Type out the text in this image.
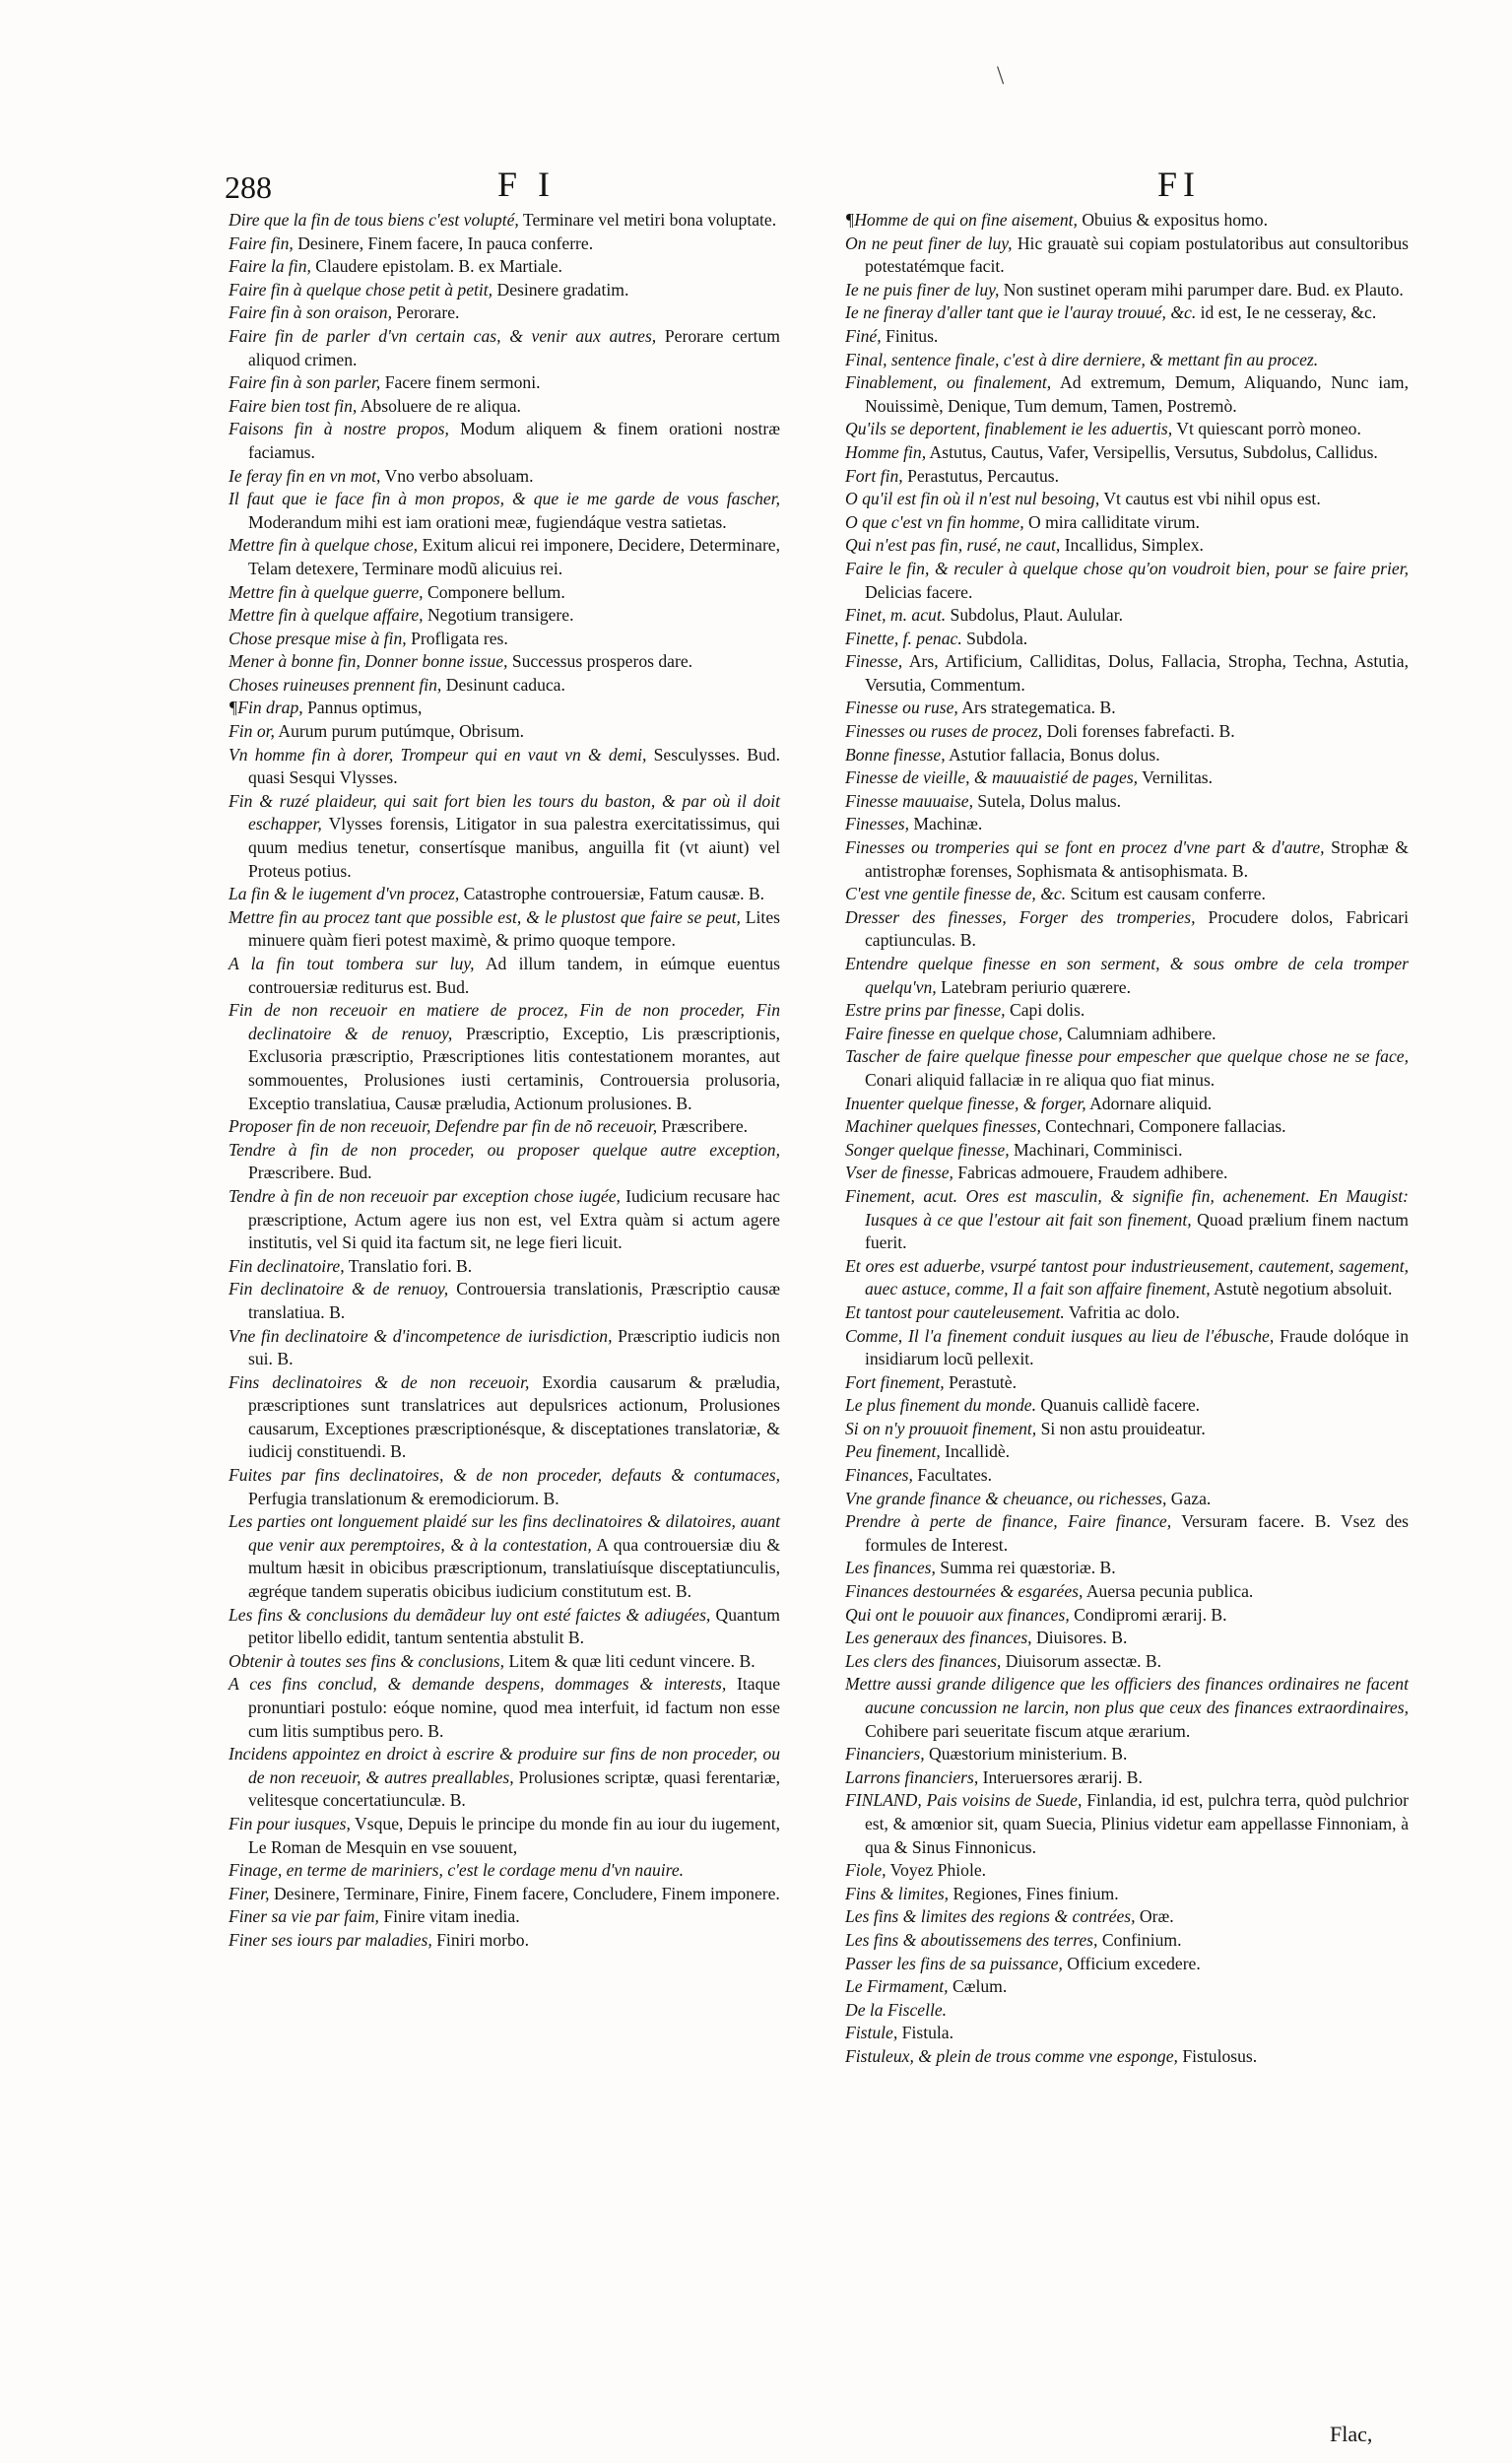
\
288	F I	FI

Dire que la fin de tous biens c'est volupté, Terminare vel metiri bona voluptate.

Faire fin, Desinere, Finem facere, In pauca conferre.

Faire la fin, Claudere epistolam. B. ex Martiale.

Faire fin à quelque chose petit à petit, Desinere gradatim.

Faire fin à son oraison, Perorare.

Faire fin de parler d'vn certain cas, & venir aux autres, Perorare certum aliquod crimen.

Faire fin à son parler, Facere finem sermoni.

Faire bien tost fin, Absoluere de re aliqua.

Faisons fin à nostre propos, Modum aliquem & finem orationi nostræ faciamus.

Ie feray fin en vn mot, Vno verbo absoluam.

Il faut que ie face fin à mon propos, & que ie me garde de vous fascher, Moderandum mihi est iam orationi meæ, fugiendáque vestra satietas.

Mettre fin à quelque chose, Exitum alicui rei imponere, Decidere, Determinare, Telam detexere, Terminare modũ alicuius rei.

Mettre fin à quelque guerre, Componere bellum.

Mettre fin à quelque affaire, Negotium transigere.

Chose presque mise à fin, Profligata res.

Mener à bonne fin, Donner bonne issue, Successus prosperos dare.

Choses ruineuses prennent fin, Desinunt caduca.

¶Fin drap, Pannus optimus,

Fin or, Aurum purum putúmque, Obrisum.

Vn homme fin à dorer, Trompeur qui en vaut vn & demi, Sesculysses. Bud. quasi Sesqui Vlysses.

Fin & ruzé plaideur, qui sait fort bien les tours du baston, & par où il doit eschapper, Vlysses forensis, Litigator in sua palestra exercitatissimus, qui quum medius tenetur, consertísque manibus, anguilla fit (vt aiunt) vel Proteus potius.

La fin & le iugement d'vn procez, Catastrophe controuersiæ, Fatum causæ. B.

Mettre fin au procez tant que possible est, & le plustost que faire se peut, Lites minuere quàm fieri potest maximè, & primo quoque tempore.

A la fin tout tombera sur luy, Ad illum tandem, in eúmque euentus controuersiæ rediturus est. Bud.

Fin de non receuoir en matiere de procez, Fin de non proceder, Fin declinatoire & de renuoy, Præscriptio, Exceptio, Lis præscriptionis, Exclusoria præscriptio, Præscriptiones litis contestationem morantes, aut sommouentes, Prolusiones iusti certaminis, Controuersia prolusoria, Exceptio translatiua, Causæ præludia, Actionum prolusiones. B.

Proposer fin de non receuoir, Defendre par fin de nõ receuoir, Præscribere.

Tendre à fin de non proceder, ou proposer quelque autre exception, Præscribere. Bud.

Tendre à fin de non receuoir par exception chose iugée, Iudicium recusare hac præscriptione, Actum agere ius non est, vel Extra quàm si actum agere institutis, vel Si quid ita factum sit, ne lege fieri licuit.

Fin declinatoire, Translatio fori. B.

Fin declinatoire & de renuoy, Controuersia translationis, Præscriptio causæ translatiua. B.

Vne fin declinatoire & d'incompetence de iurisdiction, Præscriptio iudicis non sui. B.

Fins declinatoires & de non receuoir, Exordia causarum & præludia, præscriptiones sunt translatrices aut depulsrices actionum, Prolusiones causarum, Exceptiones præscriptionésque, & disceptationes translatoriæ, & iudicij constituendi. B.

Fuites par fins declinatoires, & de non proceder, defauts & contumaces, Perfugia translationum & eremodiciorum. B.

Les parties ont longuement plaidé sur les fins declinatoires & dilatoires, auant que venir aux peremptoires, & à la contestation, A qua controuersiæ diu & multum hæsit in obicibus præscriptionum, translatiuísque disceptatiunculis, ægréque tandem superatis obicibus iudicium constitutum est. B.

Les fins & conclusions du demãdeur luy ont esté faictes & adiugées, Quantum petitor libello edidit, tantum sententia abstulit B.

Obtenir à toutes ses fins & conclusions, Litem & quæ liti cedunt vincere. B.

A ces fins conclud, & demande despens, dommages & interests, Itaque pronuntiari postulo: eóque nomine, quod mea interfuit, id factum non esse cum litis sumptibus pero. B.

Incidens appointez en droict à escrire & produire sur fins de non proceder, ou de non receuoir, & autres preallables, Prolusiones scriptæ, quasi ferentariæ, velitesque concertatiunculæ. B.

Fin pour iusques, Vsque, Depuis le principe du monde fin au iour du iugement, Le Roman de Mesquin en vse souuent,

Finage, en terme de mariniers, c'est le cordage menu d'vn nauire.

Finer, Desinere, Terminare, Finire, Finem facere, Concludere, Finem imponere.

Finer sa vie par faim, Finire vitam inedia.

Finer ses iours par maladies, Finiri morbo.

¶Homme de qui on fine aisement, Obuius & expositus homo.

On ne peut finer de luy, Hic grauatè sui copiam postulatoribus aut consultoribus potestatémque facit.

Ie ne puis finer de luy, Non sustinet operam mihi parumper dare. Bud. ex Plauto.

Ie ne fineray d'aller tant que ie l'auray trouué, &c. id est, Ie ne cesseray, &c.

Finé, Finitus.

Final, sentence finale, c'est à dire derniere, & mettant fin au procez.

Finablement, ou finalement, Ad extremum, Demum, Aliquando, Nunc iam, Nouissimè, Denique, Tum demum, Tamen, Postremò.

Qu'ils se deportent, finablement ie les aduertis, Vt quiescant porrò moneo.

Homme fin, Astutus, Cautus, Vafer, Versipellis, Versutus, Subdolus, Callidus.

Fort fin, Perastutus, Percautus.

O qu'il est fin où il n'est nul besoing, Vt cautus est vbi nihil opus est.

O que c'est vn fin homme, O mira calliditate virum.

Qui n'est pas fin, rusé, ne caut, Incallidus, Simplex.

Faire le fin, & reculer à quelque chose qu'on voudroit bien, pour se faire prier, Delicias facere.

Finet, m. acut. Subdolus, Plaut. Aulular.

Finette, f. penac. Subdola.

Finesse, Ars, Artificium, Calliditas, Dolus, Fallacia, Stropha, Techna, Astutia, Versutia, Commentum.

Finesse ou ruse, Ars strategematica. B.

Finesses ou ruses de procez, Doli forenses fabrefacti. B.

Bonne finesse, Astutior fallacia, Bonus dolus.

Finesse de vieille, & mauuaistié de pages, Vernilitas.

Finesse mauuaise, Sutela, Dolus malus.

Finesses, Machinæ.

Finesses ou tromperies qui se font en procez d'vne part & d'autre, Strophæ & antistrophæ forenses, Sophismata & antisophismata. B.

C'est vne gentile finesse de, &c. Scitum est causam conferre.

Dresser des finesses, Forger des tromperies, Procudere dolos, Fabricari captiunculas. B.

Entendre quelque finesse en son serment, & sous ombre de cela tromper quelqu'vn, Latebram periurio quærere.

Estre prins par finesse, Capi dolis.

Faire finesse en quelque chose, Calumniam adhibere.

Tascher de faire quelque finesse pour empescher que quelque chose ne se face, Conari aliquid fallaciæ in re aliqua quo fiat minus.

Inuenter quelque finesse, & forger, Adornare aliquid.

Machiner quelques finesses, Contechnari, Componere fallacias.

Songer quelque finesse, Machinari, Comminisci.

Vser de finesse, Fabricas admouere, Fraudem adhibere.

Finement, acut. Ores est masculin, & signifie fin, achenement. En Maugist: Iusques à ce que l'estour ait fait son finement, Quoad prælium finem nactum fuerit.

Et ores est aduerbe, vsurpé tantost pour industrieusement, cautement, sagement, auec astuce, comme, Il a fait son affaire finement, Astutè negotium absoluit.

Et tantost pour cauteleusement. Vafritia ac dolo.

Comme, Il l'a finement conduit iusques au lieu de l'ébusche, Fraude dolóque in insidiarum locũ pellexit.

Fort finement, Perastutè.

Le plus finement du monde. Quanuis callidè facere.

Si on n'y prouuoit finement, Si non astu prouideatur.

Peu finement, Incallidè.

Finances, Facultates.

Vne grande finance & cheuance, ou richesses, Gaza.

Prendre à perte de finance, Faire finance, Versuram facere. B. Vsez des formules de Interest.

Les finances, Summa rei quæstoriæ. B.

Finances destournées & esgarées, Auersa pecunia publica.

Qui ont le pouuoir aux finances, Condipromi ærarij. B.

Les generaux des finances, Diuisores. B.

Les clers des finances, Diuisorum assectæ. B.

Mettre aussi grande diligence que les officiers des finances ordinaires ne facent aucune concussion ne larcin, non plus que ceux des finances extraordinaires, Cohibere pari seueritate fiscum atque ærarium.

Financiers, Quæstorium ministerium. B.

Larrons financiers, Interuersores ærarij. B.

FINLAND, Pais voisins de Suede, Finlandia, id est, pulchra terra, quòd pulchrior est, & amœnior sit, quam Suecia, Plinius videtur eam appellasse Finnoniam, à qua & Sinus Finnonicus.

Fiole, Voyez Phiole.

Fins & limites, Regiones, Fines finium.

Les fins & limites des regions & contrées, Oræ.

Les fins & aboutissemens des terres, Confinium.

Passer les fins de sa puissance, Officium excedere.

Le Firmament, Cælum.

De la Fiscelle.

Fistule, Fistula.

Fistuleux, & plein de trous comme vne esponge, Fistulosus.

Flac,
